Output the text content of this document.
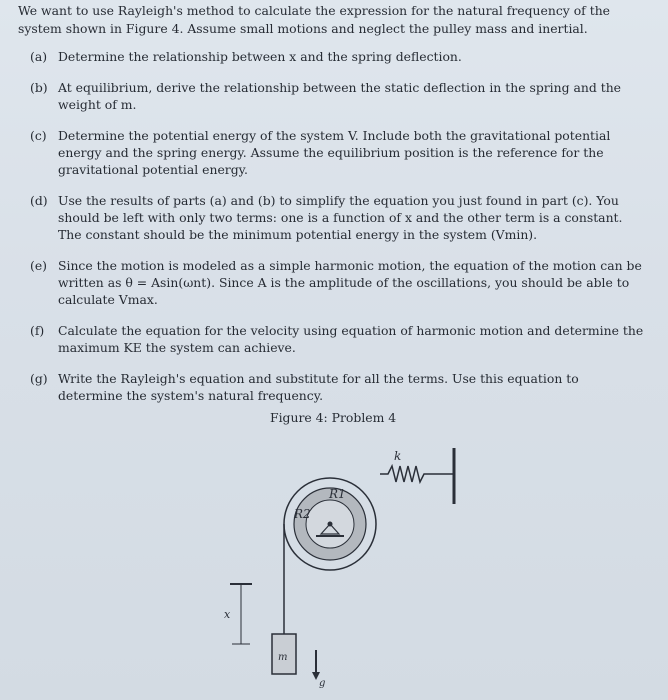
We want to use Rayleigh's method to calculate the expression for the natural frequency of the system shown in Figure 4. Assume small motions and neglect the pulley mass and inertial.

(a) Determine the relationship between x and the spring deflection.
(b) At equilibrium, derive the relationship between the static deflection in the spring and the weight of m.
(c) Determine the potential energy of the system V. Include both the gravitational potential energy and the spring energy. Assume the equilibrium position is the reference for the gravitational potential energy.
(d) Use the results of parts (a) and (b) to simplify the equation you just found in part (c). You should be left with only two terms: one is a function of x and the other term is a constant. The constant should be the minimum potential energy in the system (Vmin).
(e) Since the motion is modeled as a simple harmonic motion, the equation of the motion can be written as θ = Asin(ωnt). Since A is the amplitude of the oscillations, you should be able to calculate Vmax.
(f) Calculate the equation for the velocity using equation of harmonic motion and determine the maximum KE the system can achieve.
(g) Write the Rayleigh's equation and substitute for all the terms. Use this equation to determine the system's natural frequency.

Figure 4: Problem 4

k
R1
R2
x
m
g
